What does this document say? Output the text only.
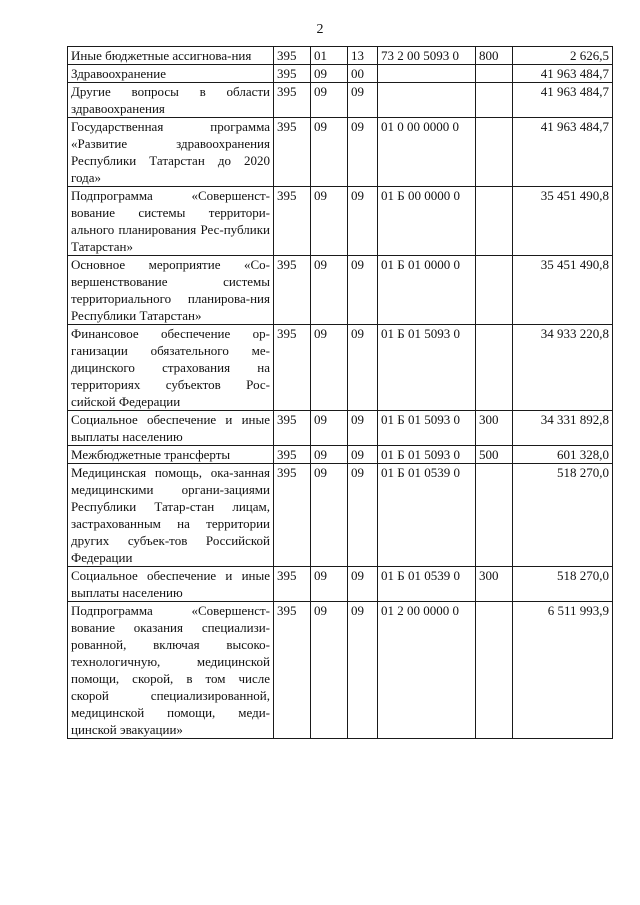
2
Иные бюджетные ассигнова-ния	395	01	13	73 2 00 5093 0	800	2 626,5
Здравоохранение	395	09	00			41 963 484,7
Другие вопросы в области здравоохранения	395	09	09			41 963 484,7
Государственная программа «Развитие здравоохранения Республики Татарстан до 2020 года»	395	09	09	01 0 00 0000 0		41 963 484,7
Подпрограмма «Совершенст-вование системы территори-ального планирования Рес-публики Татарстан»	395	09	09	01 Б 00 0000 0		35 451 490,8
Основное мероприятие «Со-вершенствование системы территориального планирова-ния Республики Татарстан»	395	09	09	01 Б 01 0000 0		35 451 490,8
Финансовое обеспечение ор-ганизации обязательного ме-дицинского страхования на территориях субъектов Рос-сийской Федерации	395	09	09	01 Б 01 5093 0		34 933 220,8
Социальное обеспечение и иные выплаты населению	395	09	09	01 Б 01 5093 0	300	34 331 892,8
Межбюджетные трансферты	395	09	09	01 Б 01 5093 0	500	601 328,0
Медицинская помощь, ока-занная медицинскими органи-зациями Республики Татар-стан лицам, застрахованным на территории других субъек-тов Российской Федерации	395	09	09	01 Б 01 0539 0		518 270,0
Социальное обеспечение и иные выплаты населению	395	09	09	01 Б 01 0539 0	300	518 270,0
Подпрограмма «Совершенст-вование оказания специализи-рованной, включая высоко-технологичную, медицинской помощи, скорой, в том числе скорой специализированной, медицинской помощи, меди-цинской эвакуации»	395	09	09	01 2 00 0000 0		6 511 993,9
